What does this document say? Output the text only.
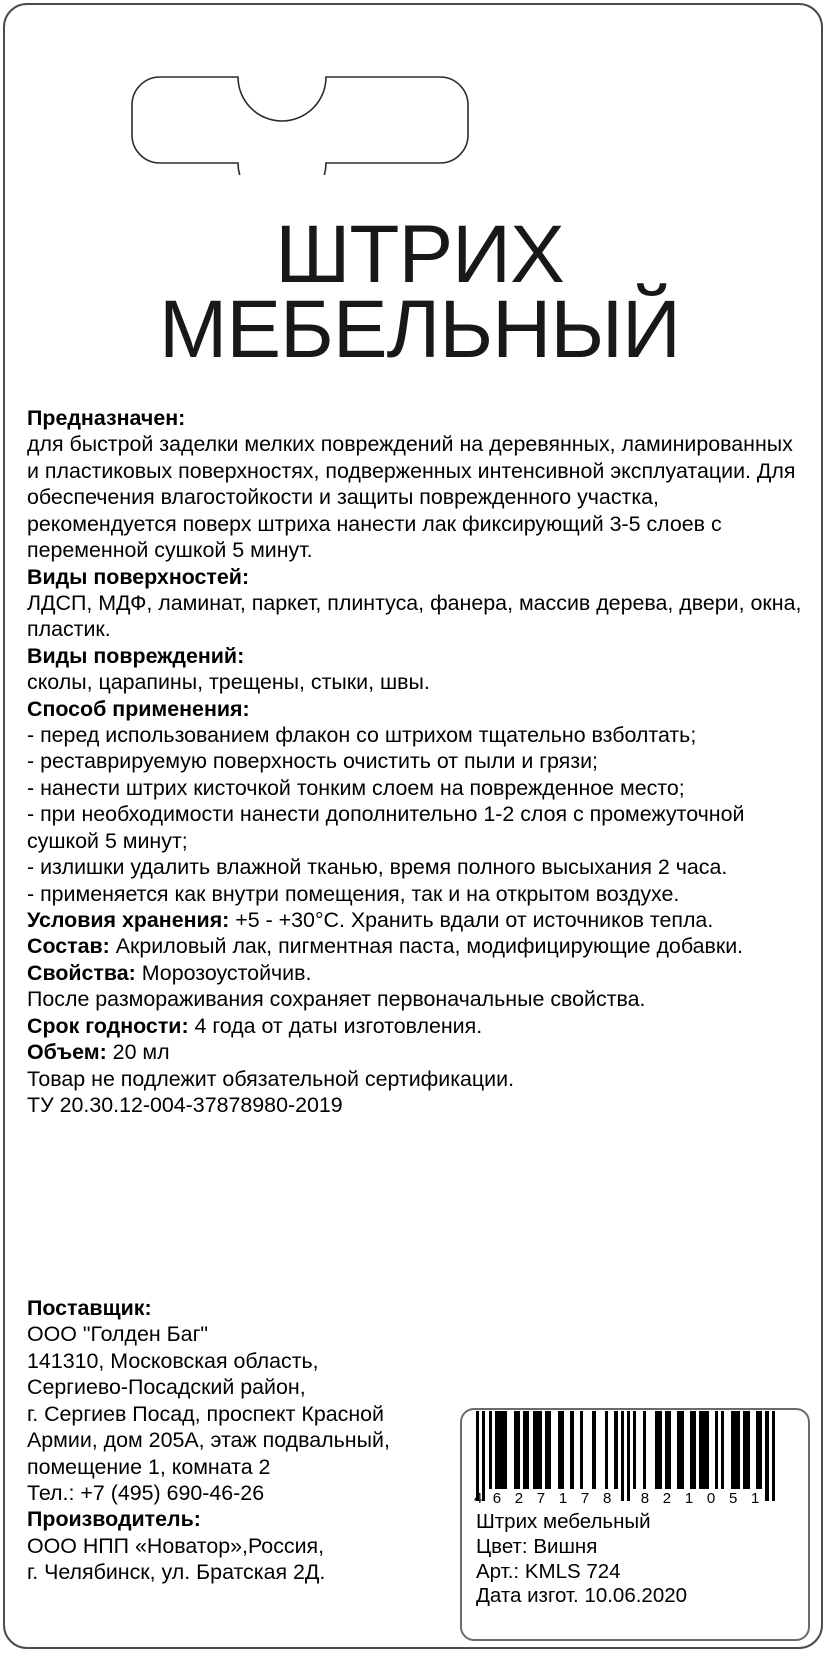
ШТРИХ
МЕБЕЛЬНЫЙ

Предназначен:

для быстрой заделки мелких повреждений на деревянных, ламинированных и пластиковых поверхностях, подверженных интенсивной эксплуатации. Для обеспечения влагостойкости и защиты поврежденного участка, рекомендуется поверх штриха нанести лак фиксирующий 3-5 слоев с переменной сушкой 5 минут.

Виды поверхностей:

ЛДСП, МДФ, ламинат, паркет, плинтуса, фанера, массив дерева, двери, окна, пластик.

Виды повреждений:

сколы, царапины, трещены, стыки, швы.

Способ применения:

- перед использованием флакон со штрихом тщательно взболтать;

- реставрируемую поверхность очистить от пыли и грязи;

- нанести штрих кисточкой тонким слоем на поврежденное место;

- при необходимости нанести дополнительно 1-2 слоя с промежуточной сушкой 5 минут;

- излишки удалить влажной тканью, время полного высыхания 2 часа.

- применяется как внутри помещения, так и на открытом воздухе.

Условия хранения: +5 - +30°C. Хранить вдали от источников тепла.

Состав: Акриловый лак, пигментная паста, модифицирующие добавки.

Свойства: Морозоустойчив.

После размораживания сохраняет первоначальные свойства.

Срок годности: 4 года от даты изготовления.

Объем: 20 мл

Товар не подлежит обязательной сертификации.

ТУ 20.30.12-004-37878980-2019

Поставщик:

ООО "Голден Баг"

141310, Московская область,

Сергиево-Посадский район,

г. Сергиев Посад, проспект Красной

Армии, дом 205А, этаж подвальный,

помещение 1, комната 2

Тел.: +7 (495) 690-46-26

Производитель:

ООО НПП «Новатор»,Россия,

г. Челябинск, ул. Братская 2Д.

4 6 2 7 1 7 8 8 2 1 0 5 1

Штрих мебельный

Цвет: Вишня

Арт.: KMLS 724

Дата изгот. 10.06.2020
